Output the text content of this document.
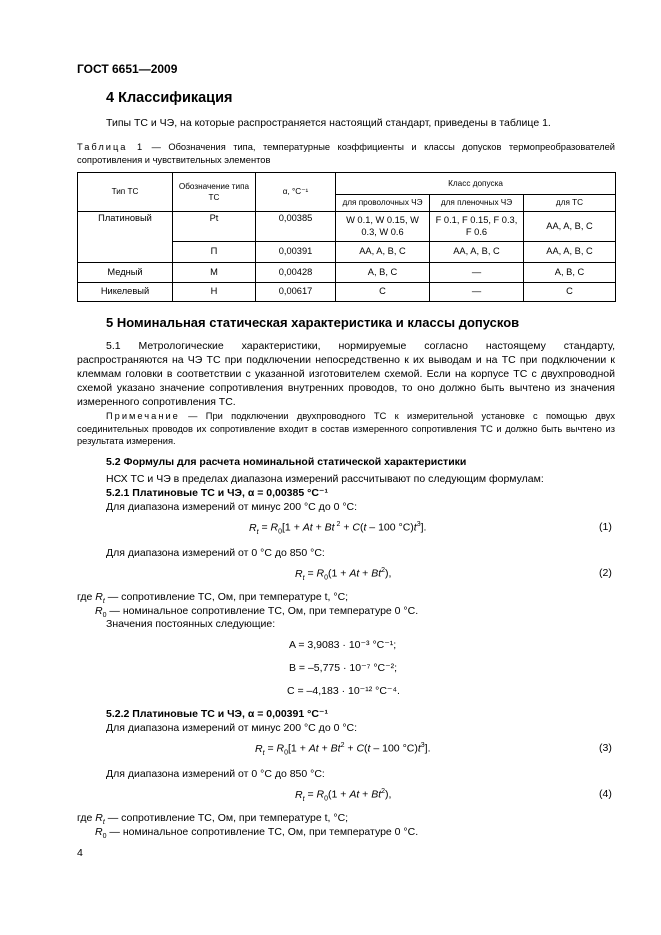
ГОСТ 6651—2009
4 Классификация
Типы ТС и ЧЭ, на которые распространяется настоящий стандарт, приведены в таблице 1.
Таблица 1 — Обозначения типа, температурные коэффициенты и классы допусков термопреобразователей сопротивления и чувствительных элементов
Тип ТС	Обозначение типа ТС	α, °C⁻¹	Класс допуска		
			для проволочных ЧЭ	для пленочных ЧЭ	для ТС
Платиновый	Pt	0,00385	W 0.1, W 0.15, W 0.3, W 0.6	F 0.1, F 0.15, F 0.3, F 0.6	AA, A, B, C
	П	0,00391	AA, A, B, C	AA, A, B, C	AA, A, B, C
Медный	М	0,00428	A, B, C	—	A, B, C
Никелевый	Н	0,00617	C	—	C
5 Номинальная статическая характеристика и классы допусков
5.1 Метрологические характеристики, нормируемые согласно настоящему стандарту, распространяются на ЧЭ ТС при подключении непосредственно к их выводам и на ТС при подключении к клеммам головки в соответствии с указанной изготовителем схемой. Если на корпусе ТС с двухпроводной схемой указано значение сопротивления внутренних проводов, то оно должно быть вычтено из значения измеренного сопротивления ТС.
Примечание — При подключении двухпроводного ТС к измерительной установке с помощью двух соединительных проводов их сопротивление входит в состав измеренного сопротивления ТС и должно быть вычтено из результата измерения.
5.2 Формулы для расчета номинальной статической характеристики
НСХ ТС и ЧЭ в пределах диапазона измерений рассчитывают по следующим формулам:
5.2.1 Платиновые ТС и ЧЭ, α = 0,00385 °C⁻¹
Для диапазона измерений от минус 200 °C до 0 °C:
$R_t = R_0[1 + At + Bt$ $^2$ + C(t – 100 $^\circ C)t^3$].	(1)
Для диапазона измерений от 0 °C до 850 °C:
$R_t = R_0(1 + At + Bt^2)$,	(2)
где $R_t$ — сопротивление ТС, Ом, при температуре t, °C;
$R_0$ — номинальное сопротивление ТС, Ом, при температуре 0 °C.
Значения постоянных следующие:
A = 3,9083 · 10⁻³ °C⁻¹;
B = –5,775 · 10⁻⁷ °C⁻²;
C = –4,183 · 10⁻¹² °C⁻⁴.
5.2.2 Платиновые ТС и ЧЭ, α = 0,00391 °C⁻¹
Для диапазона измерений от минус 200 °C до 0 °C:
$R_t = R_0[1 + At + Bt^2 + C(t - 100$ $^\circ C)t^3$].	(3)
Для диапазона измерений от 0 °C до 850 °C:
$R_t = R_0(1 + At + Bt^2)$,	(4)
где $R_t$ — сопротивление ТС, Ом, при температуре t, °C;
$R_0$ — номинальное сопротивление ТС, Ом, при температуре 0 °C.
4
